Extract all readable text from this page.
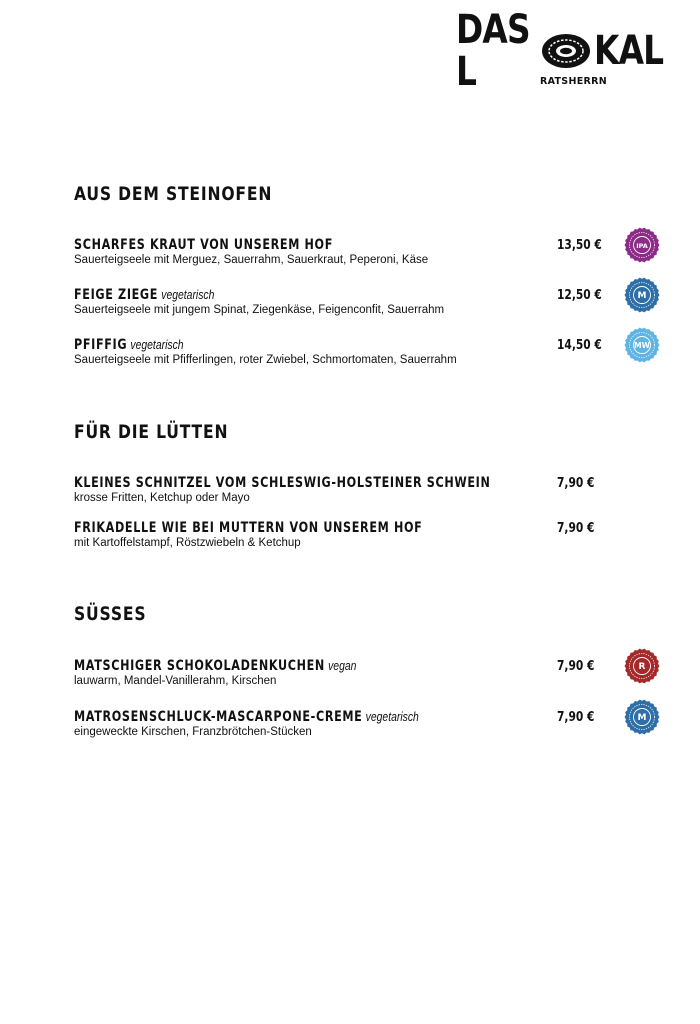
DAS L	KAL
RATSHERRN
AUS DEM STEINOFEN
SCHARFES KRAUT VON UNSEREM HOF
Sauerteigseele mit Merguez, Sauerrahm, Sauerkraut, Peperoni, Käse
13,50 €	IPA
FEIGE ZIEGE vegetarisch
Sauerteigseele mit jungem Spinat, Ziegenkäse, Feigenconfit, Sauerrahm
12,50 €	M
PFIFFIG vegetarisch
Sauerteigseele mit Pfifferlingen, roter Zwiebel, Schmortomaten, Sauerrahm
14,50 €	MW
FÜR DIE LÜTTEN
KLEINES SCHNITZEL VOM SCHLESWIG-HOLSTEINER SCHWEIN
krosse Fritten, Ketchup oder Mayo
7,90 €
FRIKADELLE WIE BEI MUTTERN VON UNSEREM HOF
mit Kartoffelstampf, Röstzwiebeln & Ketchup
7,90 €
SÜSSES
MATSCHIGER SCHOKOLADENKUCHEN vegan
lauwarm, Mandel-Vanillerahm, Kirschen
7,90 €	R
MATROSENSCHLUCK-MASCARPONE-CREME vegetarisch
eingeweckte Kirschen, Franzbrötchen-Stücken
7,90 €	M
